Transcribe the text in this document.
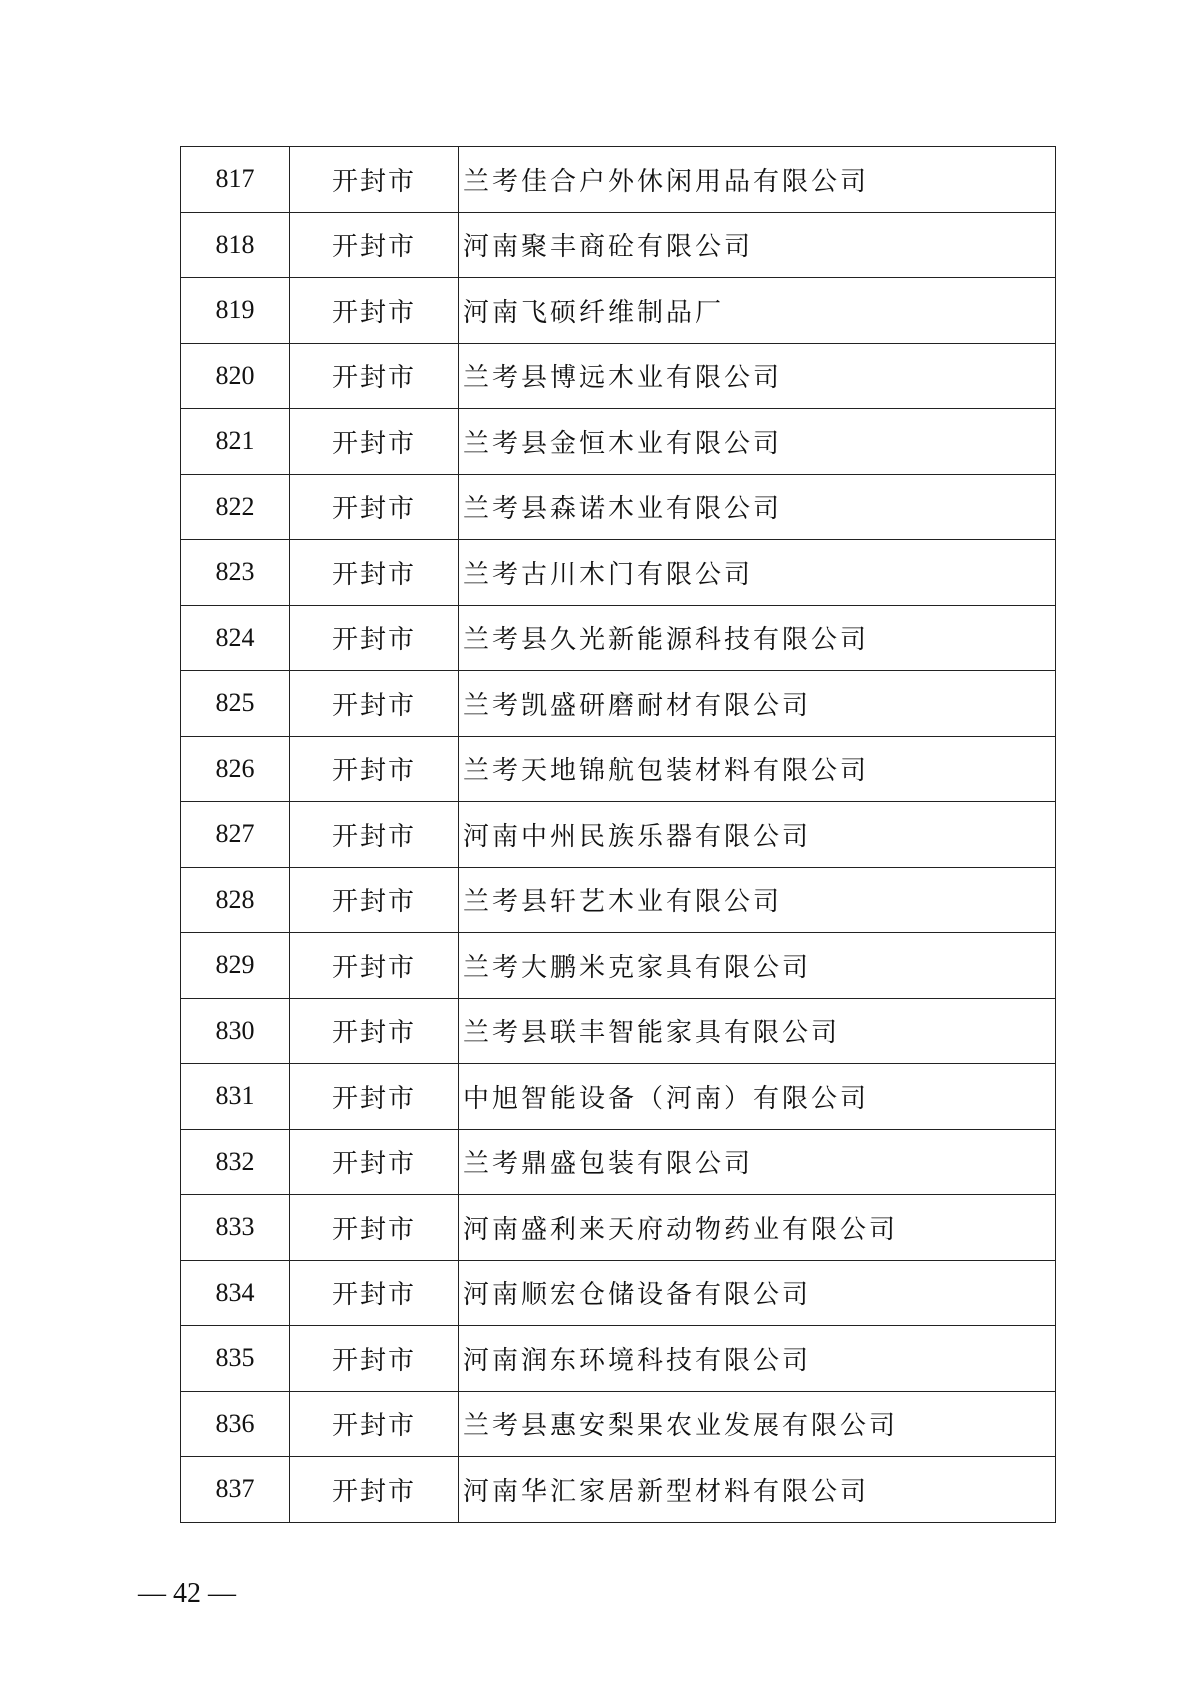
817	开封市	兰考佳合户外休闲用品有限公司
818	开封市	河南聚丰商砼有限公司
819	开封市	河南飞硕纤维制品厂
820	开封市	兰考县博远木业有限公司
821	开封市	兰考县金恒木业有限公司
822	开封市	兰考县森诺木业有限公司
823	开封市	兰考古川木门有限公司
824	开封市	兰考县久光新能源科技有限公司
825	开封市	兰考凯盛研磨耐材有限公司
826	开封市	兰考天地锦航包装材料有限公司
827	开封市	河南中州民族乐器有限公司
828	开封市	兰考县轩艺木业有限公司
829	开封市	兰考大鹏米克家具有限公司
830	开封市	兰考县联丰智能家具有限公司
831	开封市	中旭智能设备（河南）有限公司
832	开封市	兰考鼎盛包装有限公司
833	开封市	河南盛利来天府动物药业有限公司
834	开封市	河南顺宏仓储设备有限公司
835	开封市	河南润东环境科技有限公司
836	开封市	兰考县惠安梨果农业发展有限公司
837	开封市	河南华汇家居新型材料有限公司
— 42 —
